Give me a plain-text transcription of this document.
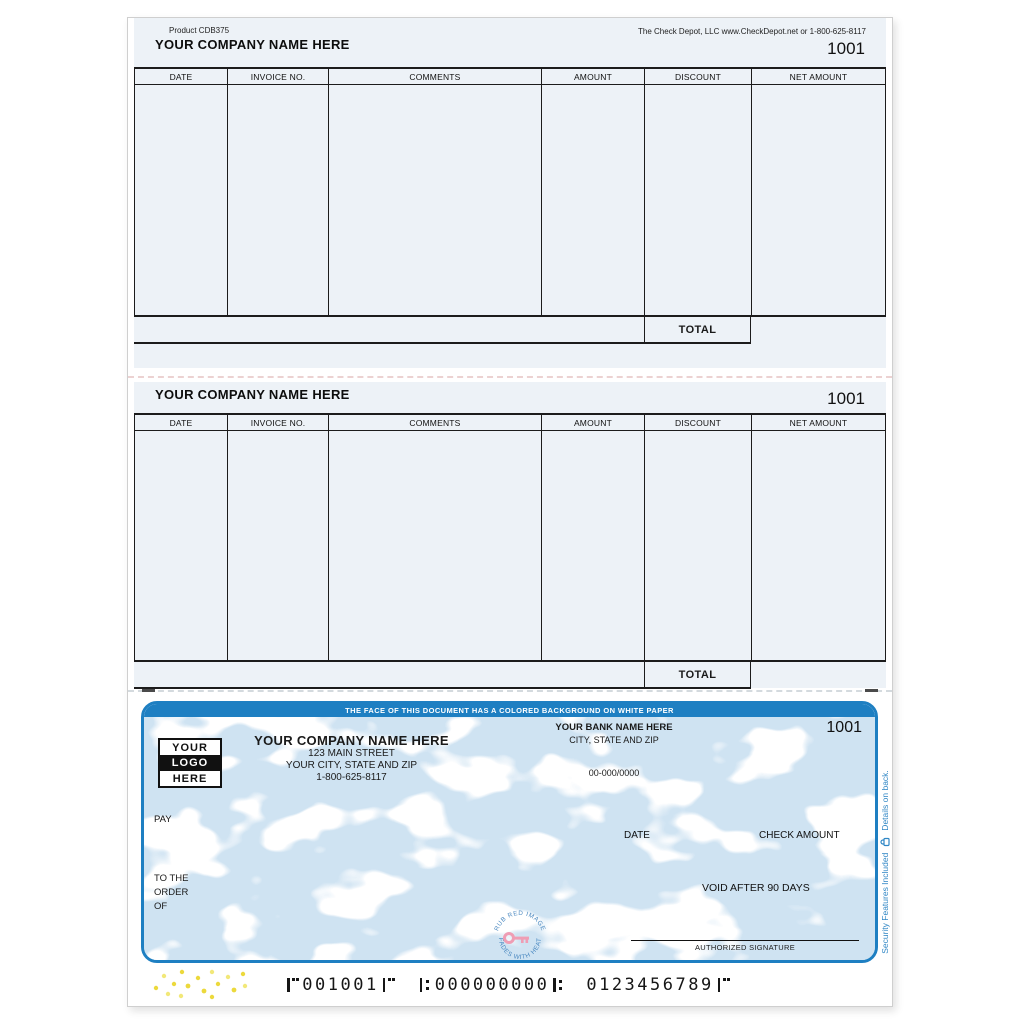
Product CDB375	The Check Depot, LLC www.CheckDepot.net or 1-800-625-8117
YOUR COMPANY NAME HERE	1001
DATE	INVOICE NO.	COMMENTS	AMOUNT	DISCOUNT	NET AMOUNT
TOTAL
YOUR COMPANY NAME HERE	1001
DATE	INVOICE NO.	COMMENTS	AMOUNT	DISCOUNT	NET AMOUNT
TOTAL
THE FACE OF THIS DOCUMENT HAS A COLORED BACKGROUND ON WHITE PAPER
1001
YOUR
LOGO
HERE
YOUR COMPANY NAME HERE
123 MAIN STREET
YOUR CITY, STATE AND ZIP
1-800-625-8117
YOUR BANK NAME HERE
CITY, STATE AND ZIP
00-000/0000
PAY
DATE	CHECK AMOUNT
TO THE
ORDER
OF
VOID AFTER 90 DAYS
RUB RED IMAGE
FADES WITH HEAT
AUTHORIZED SIGNATURE	Security Features Included
Details on back.
001001	000000000 0123456789
